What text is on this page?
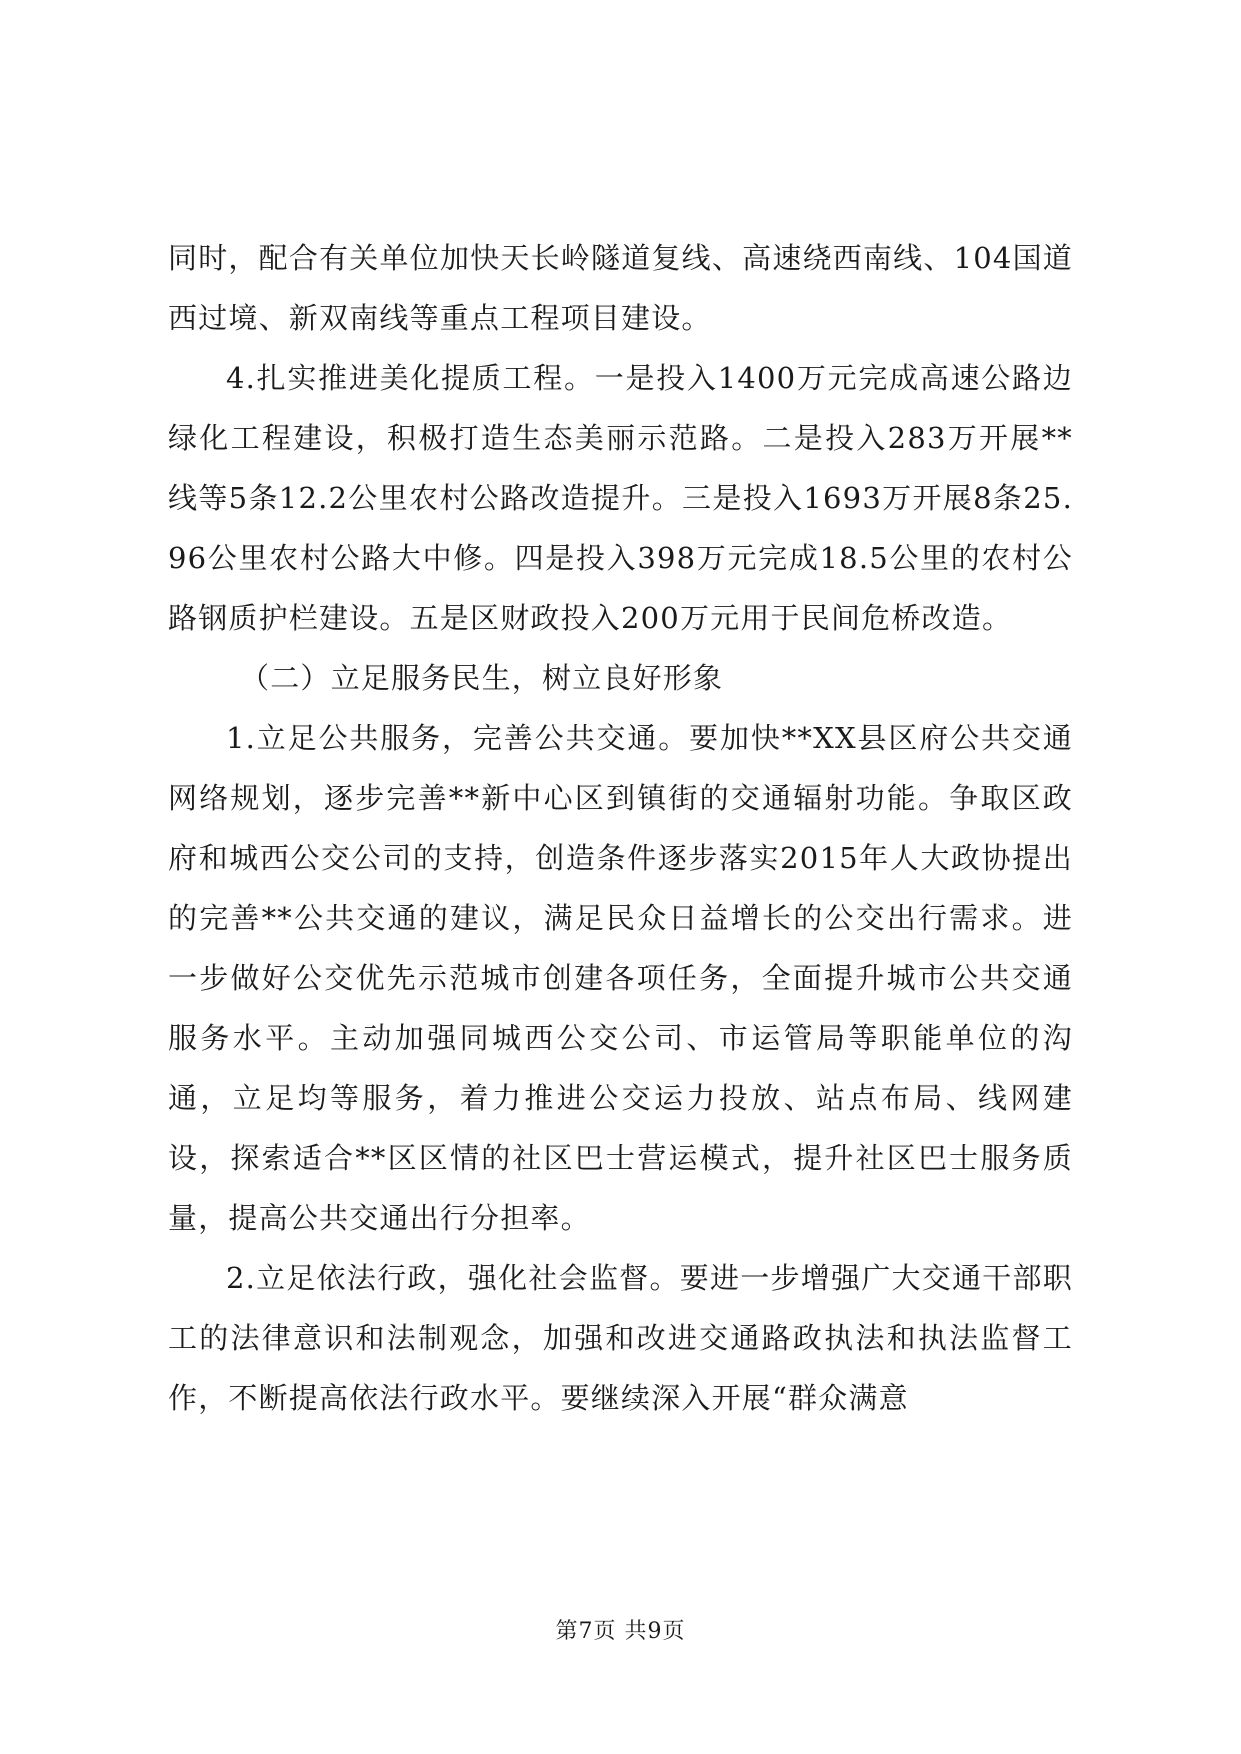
同时，配合有关单位加快天长岭隧道复线、高速绕西南线、104国道西过境、新双南线等重点工程项目建设。

4.扎实推进美化提质工程。一是投入1400万元完成高速公路边绿化工程建设，积极打造生态美丽示范路。二是投入283万开展**线等5条12.2公里农村公路改造提升。三是投入1693万开展8条25.96公里农村公路大中修。四是投入398万元完成18.5公里的农村公路钢质护栏建设。五是区财政投入200万元用于民间危桥改造。

（二）立足服务民生，树立良好形象

1.立足公共服务，完善公共交通。要加快**XX县区府公共交通网络规划，逐步完善**新中心区到镇街的交通辐射功能。争取区政府和城西公交公司的支持，创造条件逐步落实2015年人大政协提出的完善**公共交通的建议，满足民众日益增长的公交出行需求。进一步做好公交优先示范城市创建各项任务，全面提升城市公共交通服务水平。主动加强同城西公交公司、市运管局等职能单位的沟通，立足均等服务，着力推进公交运力投放、站点布局、线网建设，探索适合**区区情的社区巴士营运模式，提升社区巴士服务质量，提高公共交通出行分担率。

2.立足依法行政，强化社会监督。要进一步增强广大交通干部职工的法律意识和法制观念，加强和改进交通路政执法和执法监督工作，不断提高依法行政水平。要继续深入开展“群众满意

第7页 共9页
